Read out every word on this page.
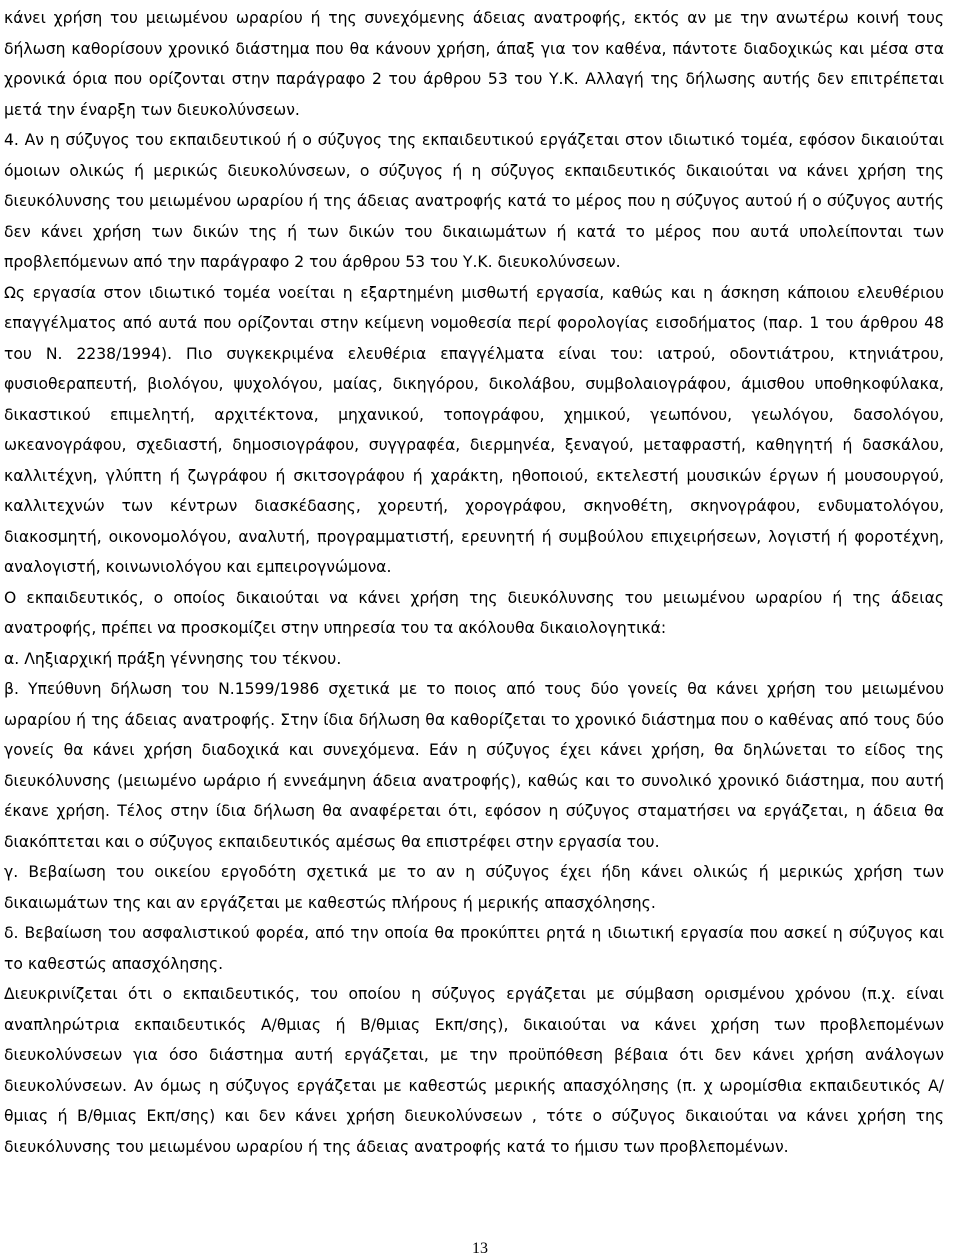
κάνει χρήση του μειωμένου ωραρίου ή της συνεχόμενης άδειας ανατροφής, εκτός αν με την ανωτέρω κοινή τους δήλωση καθορίσουν χρονικό διάστημα που θα κάνουν χρήση, άπαξ για τον καθένα, πάντοτε διαδοχικώς και μέσα στα χρονικά όρια που ορίζονται στην παράγραφο 2 του άρθρου 53 του Υ.Κ. Αλλαγή της δήλωσης αυτής δεν επιτρέπεται μετά την έναρξη των διευκολύνσεων.

4. Αν η σύζυγος του εκπαιδευτικού ή ο σύζυγος της εκπαιδευτικού εργάζεται στον ιδιωτικό τομέα, εφόσον δικαιούται όμοιων ολικώς ή μερικώς διευκολύνσεων, ο σύζυγος ή η σύζυγος εκπαιδευτικός δικαιούται να κάνει χρήση της διευκόλυνσης του μειωμένου ωραρίου ή της άδειας ανατροφής κατά το μέρος που η σύζυγος αυτού ή ο σύζυγος αυτής δεν κάνει χρήση των δικών της ή των δικών του δικαιωμάτων ή κατά το μέρος που αυτά υπολείπονται των προβλεπόμενων από την παράγραφο 2 του άρθρου 53 του Υ.Κ. διευκολύνσεων.

Ως εργασία στον ιδιωτικό τομέα νοείται η εξαρτημένη μισθωτή εργασία, καθώς και η άσκηση κάποιου ελευθέριου επαγγέλματος από αυτά που ορίζονται στην κείμενη νομοθεσία περί φορολογίας εισοδήματος (παρ. 1 του άρθρου 48 του Ν. 2238/1994). Πιο συγκεκριμένα ελευθέρια επαγγέλματα είναι του: ιατρού, οδοντιάτρου, κτηνιάτρου, φυσιοθεραπευτή, βιολόγου, ψυχολόγου, μαίας, δικηγόρου, δικολάβου, συμβολαιογράφου, άμισθου υποθηκοφύλακα, δικαστικού επιμελητή, αρχιτέκτονα, μηχανικού, τοπογράφου, χημικού, γεωπόνου, γεωλόγου, δασολόγου, ωκεανογράφου, σχεδιαστή, δημοσιογράφου, συγγραφέα, διερμηνέα, ξεναγού, μεταφραστή, καθηγητή ή δασκάλου, καλλιτέχνη, γλύπτη ή ζωγράφου ή σκιτσογράφου ή χαράκτη, ηθοποιού, εκτελεστή μουσικών έργων ή μουσουργού, καλλιτεχνών των κέντρων διασκέδασης, χορευτή, χορογράφου, σκηνοθέτη, σκηνογράφου, ενδυματολόγου, διακοσμητή, οικονομολόγου, αναλυτή, προγραμματιστή, ερευνητή ή συμβούλου επιχειρήσεων, λογιστή ή φοροτέχνη, αναλογιστή, κοινωνιολόγου και εμπειρογνώμονα.

Ο εκπαιδευτικός, ο οποίος δικαιούται να κάνει χρήση της διευκόλυνσης του μειωμένου ωραρίου ή της άδειας ανατροφής, πρέπει να προσκομίζει στην υπηρεσία του τα ακόλουθα δικαιολογητικά:

α. Ληξιαρχική πράξη γέννησης του τέκνου.

β. Υπεύθυνη δήλωση του Ν.1599/1986 σχετικά με το ποιος από τους δύο γονείς θα κάνει χρήση του μειωμένου ωραρίου ή της άδειας ανατροφής. Στην ίδια δήλωση θα καθορίζεται το χρονικό διάστημα που ο καθένας από τους δύο γονείς θα κάνει χρήση διαδοχικά και συνεχόμενα. Εάν η σύζυγος έχει κάνει χρήση, θα δηλώνεται το είδος της διευκόλυνσης (μειωμένο ωράριο ή εννεάμηνη άδεια ανατροφής), καθώς και το συνολικό χρονικό διάστημα, που αυτή έκανε χρήση. Τέλος στην ίδια δήλωση θα αναφέρεται ότι, εφόσον η σύζυγος σταματήσει να εργάζεται, η άδεια θα διακόπτεται και ο σύζυγος εκπαιδευτικός αμέσως θα επιστρέφει στην εργασία του.

γ. Βεβαίωση του οικείου εργοδότη σχετικά με το αν η σύζυγος έχει ήδη κάνει ολικώς ή μερικώς χρήση των δικαιωμάτων της και αν εργάζεται με καθεστώς πλήρους ή μερικής απασχόλησης.

δ. Βεβαίωση του ασφαλιστικού φορέα, από την οποία θα προκύπτει ρητά η ιδιωτική εργασία που ασκεί η σύζυγος και το καθεστώς απασχόλησης.

Διευκρινίζεται ότι ο εκπαιδευτικός, του οποίου η σύζυγος εργάζεται με σύμβαση ορισμένου χρόνου (π.χ. είναι αναπληρώτρια εκπαιδευτικός Α/θμιας ή Β/θμιας Εκπ/σης), δικαιούται να κάνει χρήση των προβλεπομένων διευκολύνσεων για όσο διάστημα αυτή εργάζεται, με την προϋπόθεση βέβαια ότι δεν κάνει χρήση ανάλογων διευκολύνσεων. Αν όμως η σύζυγος εργάζεται με καθεστώς μερικής απασχόλησης (π. χ ωρομίσθια εκπαιδευτικός Α/θμιας ή Β/θμιας Εκπ/σης) και δεν κάνει χρήση διευκολύνσεων , τότε ο σύζυγος δικαιούται να κάνει χρήση της διευκόλυνσης του μειωμένου ωραρίου ή της άδειας ανατροφής κατά το ήμισυ των προβλεπομένων.

13
